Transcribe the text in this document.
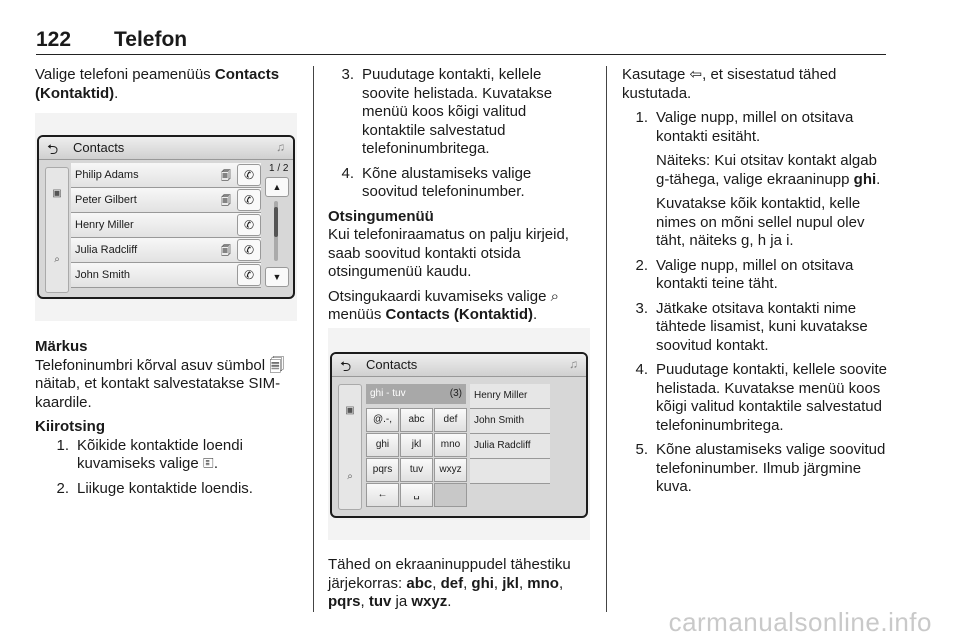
122 Telefon

Valige telefoni peamenüüs Contacts (Kontaktid).

⮌ Contacts	♫
▣
⌕
Philip Adams	🗐	✆
Peter Gilbert	🗐	✆
Henry Miller	✆
Julia Radcliff	🗐	✆
John Smith	✆
1 / 2
▲
▼

Märkus

Telefoninumbri kõrval asuv sümbol 🗐 näitab, et kontakt salvestatakse SIM-kaardile.

Kiirotsing

1. Kõikide kontaktide loendi kuvamiseks valige 🗉.
2. Liikuge kontaktide loendis.
3. Puudutage kontakti, kellele soovite helistada. Kuvatakse menüü koos kõigi valitud kontaktile salvestatud telefoninumbritega.
4. Kõne alustamiseks valige soovitud telefoninumber.

Otsingumenüü

Kui telefoniraamatus on palju kirjeid, saab soovitud kontakti otsida otsingumenüü kaudu.

Otsingukaardi kuvamiseks valige ⌕ menüüs Contacts (Kontaktid).

⮌ Contacts	♫
▣
⌕
ghi - tuv	(3)
@.-,	abc	def
ghi	jkl	mno
pqrs	tuv	wxyz
←	␣
Henry Miller
John Smith
Julia Radcliff

Tähed on ekraaninuppudel tähestiku järjekorras: abc, def, ghi, jkl, mno, pqrs, tuv ja wxyz.

Kasutage ⇦, et sisestatud tähed kustutada.

1. Valige nupp, millel on otsitava kontakti esitäht.

Näiteks: Kui otsitav kontakt algab g-tähega, valige ekraaninupp ghi.

Kuvatakse kõik kontaktid, kelle nimes on mõni sellel nupul olev täht, näiteks g, h ja i.

2. Valige nupp, millel on otsitava kontakti teine täht.
3. Jätkake otsitava kontakti nime tähtede lisamist, kuni kuvatakse soovitud kontakt.
4. Puudutage kontakti, kellele soovite helistada. Kuvatakse menüü koos kõigi valitud kontaktile salvestatud telefoninumbritega.
5. Kõne alustamiseks valige soovitud telefoninumber. Ilmub järgmine kuva.
carmanualsonline.info
